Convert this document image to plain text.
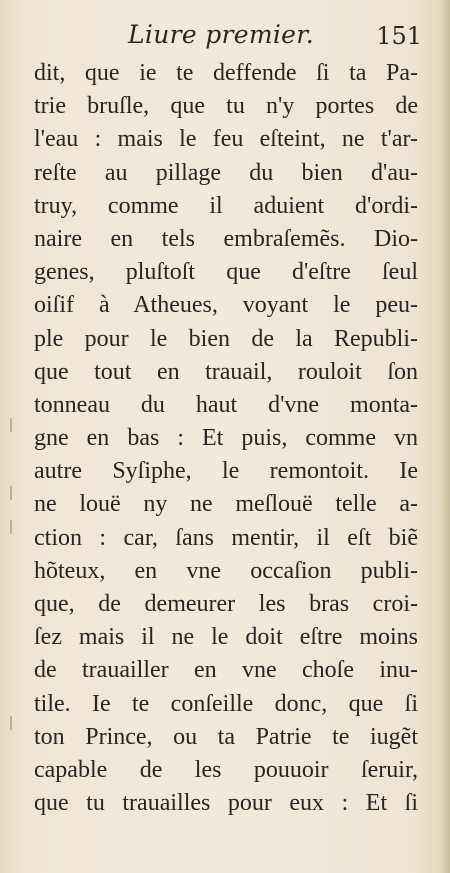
Liure premier.	151
dit, que ie te deffende ſi ta Pa-
trie bruſle, que tu n'y portes de
l'eau : mais le feu eſteint, ne t'ar-
reſte au pillage du bien d'au-
truy, comme il aduient d'ordi-
naire en tels embraſemẽs. Dio-
genes, pluſtoſt que d'eſtre ſeul
oiſif à Atheues, voyant le peu-
ple pour le bien de la Republi-
que tout en trauail, rouloit ſon
tonneau du haut d'vne monta-
gne en bas : Et puis, comme vn
autre Syſiphe, le remontoit. Ie
ne louë ny ne meſlouë telle a-
ction : car, ſans mentir, il eſt biẽ
hõteux, en vne occaſion publi-
que, de demeurer les bras croi-
ſez mais il ne le doit eſtre moins
de trauailler en vne choſe inu-
tile. Ie te conſeille donc, que ſi
ton Prince, ou ta Patrie te iugẽt
capable de les pouuoir ſeruir,
que tu trauailles pour eux : Et ſi
